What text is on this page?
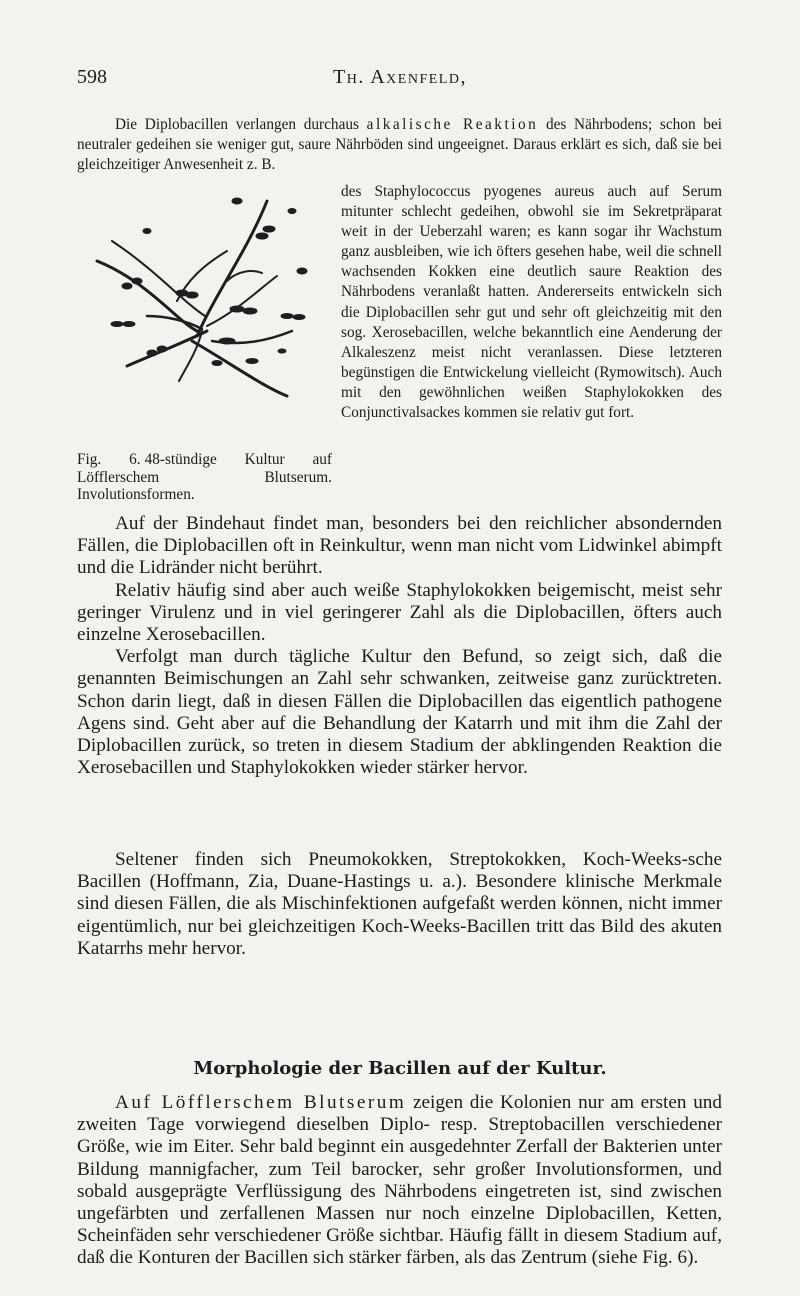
598	Th. Axenfeld,

Die Diplobacillen verlangen durchaus alkalische Reaktion des Nährbodens; schon bei neutraler gedeihen sie weniger gut, saure Nährböden sind ungeeignet. Daraus erklärt es sich, daß sie bei gleichzeitiger Anwesenheit z. B.

Fig. 6. 48-stündige Kultur auf Löfflerschem Blutserum. Involutionsformen.

des Staphylococcus pyogenes aureus auch auf Serum mitunter schlecht gedeihen, obwohl sie im Sekretpräparat weit in der Ueberzahl waren; es kann sogar ihr Wachstum ganz ausbleiben, wie ich öfters gesehen habe, weil die schnell wachsenden Kokken eine deutlich saure Reaktion des Nährbodens veranlaßt hatten. Andererseits entwickeln sich die Diplobacillen sehr gut und sehr oft gleichzeitig mit den sog. Xerosebacillen, welche bekanntlich eine Aenderung der Alkaleszenz meist nicht veranlassen. Diese letzteren begünstigen die Entwickelung vielleicht (Rymowitsch). Auch mit den gewöhnlichen weißen Staphylokokken des Conjunctivalsackes kommen sie relativ gut fort.

Auf der Bindehaut findet man, besonders bei den reichlicher absondernden Fällen, die Diplobacillen oft in Reinkultur, wenn man nicht vom Lidwinkel abimpft und die Lidränder nicht berührt.

Relativ häufig sind aber auch weiße Staphylokokken beigemischt, meist sehr geringer Virulenz und in viel geringerer Zahl als die Diplobacillen, öfters auch einzelne Xerosebacillen.

Verfolgt man durch tägliche Kultur den Befund, so zeigt sich, daß die genannten Beimischungen an Zahl sehr schwanken, zeitweise ganz zurücktreten. Schon darin liegt, daß in diesen Fällen die Diplobacillen das eigentlich pathogene Agens sind. Geht aber auf die Behandlung der Katarrh und mit ihm die Zahl der Diplobacillen zurück, so treten in diesem Stadium der abklingenden Reaktion die Xerosebacillen und Staphylokokken wieder stärker hervor.

Seltener finden sich Pneumokokken, Streptokokken, Koch-Weeks-sche Bacillen (Hoffmann, Zia, Duane-Hastings u. a.). Besondere klinische Merkmale sind diesen Fällen, die als Mischinfektionen aufgefaßt werden können, nicht immer eigentümlich, nur bei gleichzeitigen Koch-Weeks-Bacillen tritt das Bild des akuten Katarrhs mehr hervor.

Morphologie der Bacillen auf der Kultur.

Auf Löfflerschem Blutserum zeigen die Kolonien nur am ersten und zweiten Tage vorwiegend dieselben Diplo- resp. Streptobacillen verschiedener Größe, wie im Eiter. Sehr bald beginnt ein ausgedehnter Zerfall der Bakterien unter Bildung mannigfacher, zum Teil barocker, sehr großer Involutionsformen, und sobald ausgeprägte Verflüssigung des Nährbodens eingetreten ist, sind zwischen ungefärbten und zerfallenen Massen nur noch einzelne Diplobacillen, Ketten, Scheinfäden sehr verschiedener Größe sichtbar. Häufig fällt in diesem Stadium auf, daß die Konturen der Bacillen sich stärker färben, als das Zentrum (siehe Fig. 6).
